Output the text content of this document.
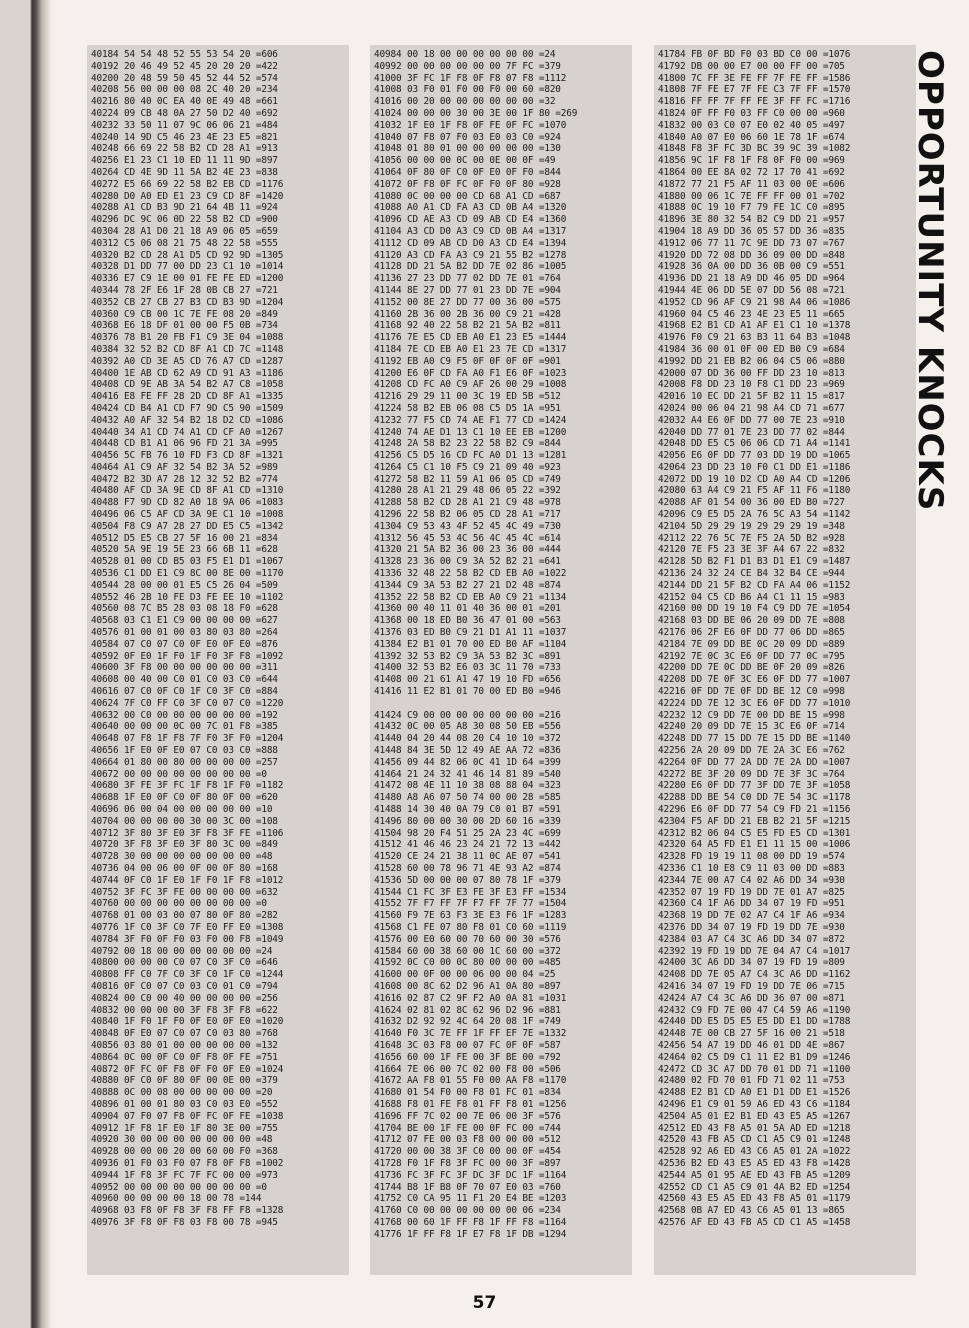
40184 54 54 48 52 55 53 54 20 =606
40192 20 46 49 52 45 20 20 20 =422
40200 20 48 59 50 45 52 44 52 =574
40208 56 00 00 00 08 2C 40 20 =234
40216 80 40 0C EA 40 0E 49 48 =661
40224 09 CB 48 0A 27 50 D2 40 =692
40232 33 50 11 07 9C 06 06 21 =484
40240 14 9D C5 46 23 4E 23 E5 =821
40248 66 69 22 58 B2 CD 28 A1 =913
40256 E1 23 C1 10 ED 11 11 9D =897
40264 CD 4E 9D 11 5A B2 4E 23 =838
40272 E5 66 69 22 58 B2 EB CD =1176
40280 D0 A0 ED E1 23 C9 CD 8F =1420
40288 A1 CD B3 9D 21 64 4B 11 =924
40296 DC 9C 06 0D 22 58 B2 CD =900
40304 28 A1 D0 21 18 A9 06 05 =659
40312 C5 06 08 21 75 48 22 58 =555
40320 B2 CD 28 A1 D5 CD 92 9D =1305
40328 D1 DD 77 00 DD 23 C1 10 =1014
40336 E7 C9 1E 00 01 FE FE ED =1200
40344 78 2F E6 1F 28 0B CB 27 =721
40352 CB 27 CB 27 B3 CD B3 9D =1204
40360 C9 CB 00 1C 7E FE 08 20 =849
40368 E6 18 DF 01 00 00 F5 0B =734
40376 78 B1 20 FB F1 C9 3E 04 =1088
40384 32 52 B2 CD 8F A1 CD 7C =1148
40392 A0 CD 3E A5 CD 76 A7 CD =1287
40400 1E AB CD 62 A9 CD 91 A3 =1186
40408 CD 9E AB 3A 54 B2 A7 C8 =1058
40416 E8 FE FF 28 2D CD 8F A1 =1335
40424 CD B4 A1 CD F7 9D C5 90 =1509
40432 A0 AF 32 54 B2 18 D2 CD =1086
40440 34 A1 CD 74 A1 CD CF A0 =1267
40448 CD B1 A1 06 96 FD 21 3A =995
40456 5C FB 76 10 FD F3 CD 8F =1321
40464 A1 C9 AF 32 54 B2 3A 52 =989
40472 B2 3D A7 28 12 32 52 B2 =774
40480 AF CD 3A 9E CD 8F A1 CD =1310
40488 F7 9D CD 82 A0 18 9A 06 =1083
40496 06 C5 AF CD 3A 9E C1 10 =1008
40504 F8 C9 A7 28 27 DD E5 C5 =1342
40512 D5 E5 CB 27 5F 16 00 21 =834
40520 5A 9E 19 5E 23 66 6B 11 =628
40528 01 00 CD B5 03 F5 E1 D1 =1067
40536 C1 DD E1 C9 8C 00 8E 00 =1170
40544 28 00 00 01 E5 C5 26 04 =509
40552 46 2B 10 FE D3 FE EE 10 =1102
40560 08 7C B5 28 03 08 18 F0 =628
40568 03 C1 E1 C9 00 00 00 00 =627
40576 01 00 01 00 03 80 03 80 =264
40584 07 C0 07 C0 0F E0 0F E0 =876
40592 0F E0 1F F0 1F F0 3F F8 =1092
40600 3F F8 00 00 00 00 00 00 =311
40608 00 40 00 C0 01 C0 03 C0 =644
40616 07 C0 0F C0 1F C0 3F C0 =884
40624 7F C0 FF C0 3F C0 07 C0 =1220
40632 00 C0 00 00 00 00 00 00 =192
40640 00 00 00 0C 00 7C 01 F8 =385
40648 07 F8 1F F8 7F F0 3F F0 =1204
40656 1F E0 0F E0 07 C0 03 C0 =888
40664 01 80 00 80 00 00 00 00 =257
40672 00 00 00 00 00 00 00 00 =0
40680 3F FE 3F FC 1F F8 1F F0 =1182
40688 1F E0 0F C0 0F 80 0F 00 =620
40696 06 00 04 00 00 00 00 00 =10
40704 00 00 00 00 30 00 3C 00 =108
40712 3F 80 3F E0 3F F8 3F FE =1106
40720 3F F8 3F E0 3F 80 3C 00 =849
40728 30 00 00 00 00 00 00 00 =48
40736 04 00 06 00 0F 00 0F 80 =168
40744 0F C0 1F E0 1F F0 1F F8 =1012
40752 3F FC 3F FE 00 00 00 00 =632
40760 00 00 00 00 00 00 00 00 =0
40768 01 00 03 00 07 80 0F 80 =282
40776 1F C0 3F C0 7F E0 FF E0 =1308
40784 3F F0 0F F0 03 F0 00 F8 =1049
40792 00 18 00 00 00 00 00 00 =24
40800 00 00 00 C0 07 C0 3F C0 =646
40808 FF C0 7F C0 3F C0 1F C0 =1244
40816 0F C0 07 C0 03 C0 01 C0 =794
40824 00 C0 00 40 00 00 00 00 =256
40832 00 00 00 00 3F F8 3F F8 =622
40840 1F F0 1F F0 0F E0 0F E0 =1020
40848 0F E0 07 C0 07 C0 03 80 =768
40856 03 80 01 00 00 00 00 00 =132
40864 0C 00 0F C0 0F F8 0F FE =751
40872 0F FC 0F F8 0F F0 0F E0 =1024
40880 0F C0 0F 80 0F 00 0E 00 =379
40888 0C 00 08 00 00 00 00 00 =20
40896 01 00 01 80 03 C0 03 E0 =552
40904 07 F0 07 F8 0F FC 0F FE =1038
40912 1F F8 1F E0 1F 80 3E 00 =755
40920 30 00 00 00 00 00 00 00 =48
40928 00 00 00 20 00 60 00 F0 =368
40936 01 F0 03 F0 07 F8 0F F8 =1002
40944 1F F8 3F FC 7F FC 00 00 =973
40952 00 00 00 00 00 00 00 00 =0
40960 00 00 00 00 18 00 78 =144
40968 03 F8 0F F8 3F F8 FF F8 =1328
40976 3F F8 0F F8 03 F8 00 78 =945
40984 00 18 00 00 00 00 00 00 =24
40992 00 00 00 00 00 00 7F FC =379
41000 3F FC 1F F8 0F F8 07 F8 =1112
41008 03 F0 01 F0 00 F0 00 60 =820
41016 00 20 00 00 00 00 00 00 =32
41024 00 00 00 30 00 3E 00 1F 80 =269
41032 1F E0 1F F8 0F FE 0F FC =1070
41040 07 F8 07 F0 03 E0 03 C0 =924
41048 01 80 01 00 00 00 00 00 =130
41056 00 00 00 0C 00 0E 00 0F =49
41064 0F 80 0F C0 0F E0 0F F0 =844
41072 0F F8 0F FC 0F F0 0F 80 =928
41080 0C 00 00 00 CD 68 A1 CD =687
41088 A0 A1 CD FA A3 CD 0B A4 =1320
41096 CD AE A3 CD 09 AB CD E4 =1360
41104 A3 CD D0 A3 C9 CD 0B A4 =1317
41112 CD 09 AB CD D0 A3 CD E4 =1394
41120 A3 CD FA A3 C9 21 55 B2 =1278
41128 DD 21 5A B2 DD 7E 02 86 =1005
41136 27 23 DD 77 02 DD 7E 01 =764
41144 8E 27 DD 77 01 23 DD 7E =904
41152 00 8E 27 DD 77 00 36 00 =575
41160 2B 36 00 2B 36 00 C9 21 =428
41168 92 40 22 58 B2 21 5A B2 =811
41176 7E E5 CD EB A0 E1 23 E5 =1444
41184 7E CD EB A0 E1 23 7E CD =1317
41192 EB A0 C9 F5 0F 0F 0F 0F =901
41200 E6 0F CD FA A0 F1 E6 0F =1023
41208 CD FC A0 C9 AF 26 00 29 =1008
41216 29 29 11 00 3C 19 ED 5B =512
41224 58 B2 EB 06 08 C5 D5 1A =951
41232 77 F5 CD 74 AE F1 77 CD =1424
41240 74 AE D1 13 C1 10 EE EB =1200
41248 2A 58 B2 23 22 58 B2 C9 =844
41256 C5 D5 16 CD FC A0 D1 13 =1281
41264 C5 C1 10 F5 C9 21 09 40 =923
41272 58 B2 11 59 A1 06 05 CD =749
41280 28 A1 21 29 48 06 05 22 =392
41288 58 B2 CD 28 A1 21 C9 48 =978
41296 22 58 B2 06 05 CD 28 A1 =717
41304 C9 53 43 4F 52 45 4C 49 =730
41312 56 45 53 4C 56 4C 45 4C =614
41320 21 5A B2 36 00 23 36 00 =444
41328 23 36 00 C9 3A 52 B2 21 =641
41336 32 48 22 58 B2 CD EB A0 =1022
41344 C9 3A 53 B2 27 21 D2 48 =874
41352 22 58 B2 CD EB A0 C9 21 =1134
41360 00 40 11 01 40 36 00 01 =201
41368 00 18 ED B0 36 47 01 00 =563
41376 03 ED B0 C9 21 D1 A1 11 =1037
41384 E2 B1 01 70 00 ED B0 AF =1104
41392 32 53 B2 C9 3A 53 B2 3C =891
41400 32 53 B2 E6 03 3C 11 70 =733
41408 00 21 61 A1 47 19 10 FD =656
41416 11 E2 B1 01 70 00 ED B0 =946
41424 C9 00 00 00 00 00 00 00 =216
41432 0C 00 05 A8 30 08 50 EB =556
41440 04 20 44 08 20 C4 10 10 =372
41448 84 3E 5D 12 49 AE AA 72 =836
41456 09 44 82 06 0C 41 1D 64 =399
41464 21 24 32 41 46 14 81 89 =540
41472 08 4E 11 10 38 08 88 04 =323
41480 A8 A6 07 50 74 00 00 28 =585
41488 14 30 40 0A 79 C0 01 B7 =591
41496 80 00 00 30 00 2D 60 16 =339
41504 98 20 F4 51 25 2A 23 4C =699
41512 41 46 46 23 24 21 72 13 =442
41520 CE 24 21 38 11 0C AE 07 =541
41528 60 00 78 96 71 4E 93 A2 =874
41536 5D 00 00 00 07 80 78 1F =379
41544 C1 FC 3F E3 FE 3F E3 FF =1534
41552 7F F7 FF 7F F7 FF 7F 77 =1504
41560 F9 7E 63 F3 3E E3 F6 1F =1283
41568 C1 FE 07 80 F8 01 C0 60 =1119
41576 00 E0 60 00 70 60 00 30 =576
41584 60 00 38 60 00 1C 60 00 =372
41592 0C C0 00 0C 80 00 00 00 =485
41600 00 0F 00 00 06 00 00 04 =25
41608 00 8C 62 D2 96 A1 0A 80 =897
41616 02 87 C2 9F F2 A0 0A 81 =1031
41624 02 81 02 8C 62 96 D2 96 =881
41632 D2 92 92 4C 64 20 08 1F =749
41640 F0 3C 7E FF 1F FF EF 7E =1332
41648 3C 03 F8 00 07 FC 0F 0F =587
41656 60 00 1F FE 00 3F BE 00 =792
41664 7E 06 00 7C 02 00 F8 00 =506
41672 AA F8 01 55 F0 00 AA F8 =1170
41680 01 54 F0 00 F8 01 FC 01 =834
41688 F8 01 FE F8 01 FF F8 01 =1256
41696 FF 7C 02 00 7E 06 00 3F =576
41704 BE 00 1F FE 00 0F FC 00 =744
41712 07 FE 00 03 F8 00 00 00 =512
41720 00 00 38 3F C0 00 00 0F =454
41728 F0 1F F8 3F FC 00 00 3F =897
41736 FC 3F FC 3F DC 3F DC 1F =1164
41744 B8 1F B8 0F 70 07 E0 03 =760
41752 C0 CA 95 11 F1 20 E4 BE =1203
41760 C0 00 00 00 00 00 00 06 =234
41768 00 60 1F FF F8 1F FF F8 =1164
41776 1F FF F8 1F E7 F8 1F DB =1294
41784 FB 0F BD F0 03 BD C0 00 =1076
41792 DB 00 00 E7 00 00 FF 00 =705
41800 7C FF 3E FE FF 7F FE FF =1586
41808 7F FE E7 7F FE C3 7F FF =1570
41816 FF FF 7F FF FE 3F FF FC =1716
41824 0F FF F0 03 FF C0 00 00 =960
41832 00 03 C0 07 E0 02 40 05 =497
41840 A0 07 E0 06 60 1E 78 1F =674
41848 F8 3F FC 3D BC 39 9C 39 =1082
41856 9C 1F F8 1F F8 0F F0 00 =969
41864 00 EE 8A 02 72 17 70 41 =692
41872 77 21 F5 AF 11 03 00 0E =606
41880 00 06 1C 7E FF FF 00 01 =702
41888 0C 19 10 F7 79 FE 1C C0 =895
41896 3E 80 32 54 B2 C9 DD 21 =957
41904 18 A9 DD 36 05 57 DD 36 =835
41912 06 77 11 7C 9E DD 73 07 =767
41920 DD 72 08 DD 36 09 00 DD =848
41928 36 0A 00 DD 36 0B 00 C9 =551
41936 DD 21 18 A9 DD 46 05 DD =964
41944 4E 06 DD 5E 07 DD 56 08 =721
41952 CD 96 AF C9 21 98 A4 06 =1086
41960 04 C5 46 23 4E 23 E5 11 =665
41968 E2 B1 CD A1 AF E1 C1 10 =1378
41976 F0 C9 21 63 B3 11 64 B3 =1048
41984 36 00 01 0F 00 ED B0 C9 =684
41992 DD 21 EB B2 06 04 C5 06 =880
42000 07 DD 36 00 FF DD 23 10 =813
42008 F8 DD 23 10 F8 C1 DD 23 =969
42016 10 EC DD 21 5F B2 11 15 =817
42024 00 06 04 21 98 A4 CD 71 =677
42032 A4 E6 0F DD 77 00 7E 23 =910
42040 DD 77 01 7E 23 DD 77 02 =844
42048 DD E5 C5 06 06 CD 71 A4 =1141
42056 E6 0F DD 77 03 DD 19 DD =1065
42064 23 DD 23 10 F0 C1 DD E1 =1186
42072 DD 19 10 D2 CD A0 A4 CD =1206
42080 63 A4 C9 21 F5 AF 11 F6 =1180
42088 AF 01 54 00 36 00 ED B0 =727
42096 C9 E5 D5 2A 76 5C A3 54 =1142
42104 5D 29 29 19 29 29 29 19 =348
42112 22 76 5C 7E F5 2A 5D B2 =928
42120 7E F5 23 3E 3F A4 67 22 =832
42128 5D B2 F1 D1 B3 D1 E1 C9 =1487
42136 24 32 24 CE B4 32 B4 CE =944
42144 DD 21 5F B2 CD FA A4 06 =1152
42152 04 C5 CD B6 A4 C1 11 15 =983
42160 00 DD 19 10 F4 C9 DD 7E =1054
42168 03 DD BE 06 20 09 DD 7E =808
42176 06 2F E6 0F DD 77 06 DD =865
42184 7E 09 DD BE 0C 20 09 DD =889
42192 7E 0C 3C E6 0F DD 77 0C =795
42200 DD 7E 0C DD BE 0F 20 09 =826
42208 DD 7E 0F 3C E6 0F DD 77 =1007
42216 0F DD 7E 0F DD BE 12 C0 =998
42224 DD 7E 12 3C E6 0F DD 77 =1010
42232 12 C9 DD 7E 00 DD BE 15 =998
42240 20 09 DD 7E 15 3C E6 0F =714
42248 DD 77 15 DD 7E 15 DD BE =1140
42256 2A 20 09 DD 7E 2A 3C E6 =762
42264 0F DD 77 2A DD 7E 2A DD =1007
42272 BE 3F 20 09 DD 7E 3F 3C =764
42280 E6 0F DD 77 3F DD 7E 3F =1058
42288 DD BE 54 C0 DD 7E 54 3C =1178
42296 E6 0F DD 77 54 C9 FD 21 =1156
42304 F5 AF DD 21 EB B2 21 5F =1215
42312 B2 06 04 C5 E5 FD E5 CD =1301
42320 64 A5 FD E1 E1 11 15 00 =1006
42328 FD 19 19 11 08 00 DD 19 =574
42336 C1 10 E8 C9 11 03 00 DD =883
42344 7E 00 A7 C4 02 A6 DD 34 =930
42352 07 19 FD 19 DD 7E 01 A7 =825
42360 C4 1F A6 DD 34 07 19 FD =951
42368 19 DD 7E 02 A7 C4 1F A6 =934
42376 DD 34 07 19 FD 19 DD 7E =930
42384 03 A7 C4 3C A6 DD 34 07 =872
42392 19 FD 19 DD 7E 04 A7 C4 =1017
42400 3C A6 DD 34 07 19 FD 19 =809
42408 DD 7E 05 A7 C4 3C A6 DD =1162
42416 34 07 19 FD 19 DD 7E 06 =715
42424 A7 C4 3C A6 DD 36 07 00 =871
42432 C9 FD 7E 00 47 C4 59 A6 =1190
42440 DD E5 D5 E5 E5 DD E1 DD =1788
42448 7E 00 CB 27 5F 16 00 21 =518
42456 54 A7 19 DD 46 01 DD 4E =867
42464 02 C5 D9 C1 11 E2 B1 D9 =1246
42472 CD 3C A7 DD 70 01 DD 71 =1100
42480 02 FD 70 01 FD 71 02 11 =753
42488 E2 B1 CD A0 E1 D1 DD E1 =1526
42496 E1 C9 01 59 A6 ED 43 C6 =1184
42504 A5 01 E2 B1 ED 43 E5 A5 =1267
42512 ED 43 F8 A5 01 5A AD ED =1218
42520 43 FB A5 CD C1 A5 C9 01 =1248
42528 92 A6 ED 43 C6 A5 01 2A =1022
42536 B2 ED 43 E5 A5 ED 43 F8 =1428
42544 A5 01 95 AE ED 43 FB A5 =1209
42552 CD C1 A5 C9 01 4A B2 ED =1254
42560 43 E5 A5 ED 43 F8 A5 01 =1179
42568 0B A7 ED 43 C6 A5 01 13 =865
42576 AF ED 43 FB A5 CD C1 A5 =1458
OPPORTUNITY KNOCKS
57
